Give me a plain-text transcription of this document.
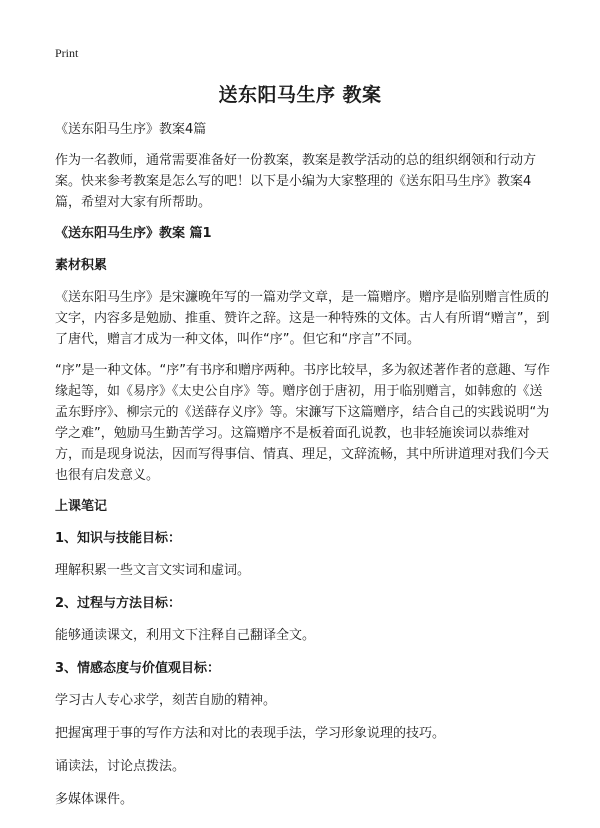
Print
送东阳马生序 教案
《送东阳马生序》教案4篇

作为一名教师，通常需要准备好一份教案，教案是教学活动的总的组织纲领和行动方案。快来参考教案是怎么写的吧！以下是小编为大家整理的《送东阳马生序》教案4篇，希望对大家有所帮助。

《送东阳马生序》教案 篇1
素材积累

《送东阳马生序》是宋濂晚年写的一篇劝学文章，是一篇赠序。赠序是临别赠言性质的文字，内容多是勉励、推重、赞许之辞。这是一种特殊的文体。古人有所谓“赠言”，到了唐代，赠言才成为一种文体，叫作“序”。但它和“序言”不同。

“序”是一种文体。“序”有书序和赠序两种。书序比较早，多为叙述著作者的意趣、写作缘起等，如《易序》《太史公自序》等。赠序创于唐初，用于临别赠言，如韩愈的《送孟东野序》、柳宗元的《送薛存义序》等。宋濂写下这篇赠序，结合自己的实践说明“为学之难”，勉励马生勤苦学习。这篇赠序不是板着面孔说教，也非轻施诶词以恭维对方，而是现身说法，因而写得事信、情真、理足，文辞流畅，其中所讲道理对我们今天也很有启发意义。

上课笔记
1、知识与技能目标：
理解积累一些文言文实词和虚词。
2、过程与方法目标：
能够通读课文，利用文下注释自己翻译全文。
3、情感态度与价值观目标：
学习古人专心求学，刻苦自励的精神。
把握寓理于事的写作方法和对比的表现手法，学习形象说理的技巧。
诵读法，讨论点拨法。
多媒体课件。
